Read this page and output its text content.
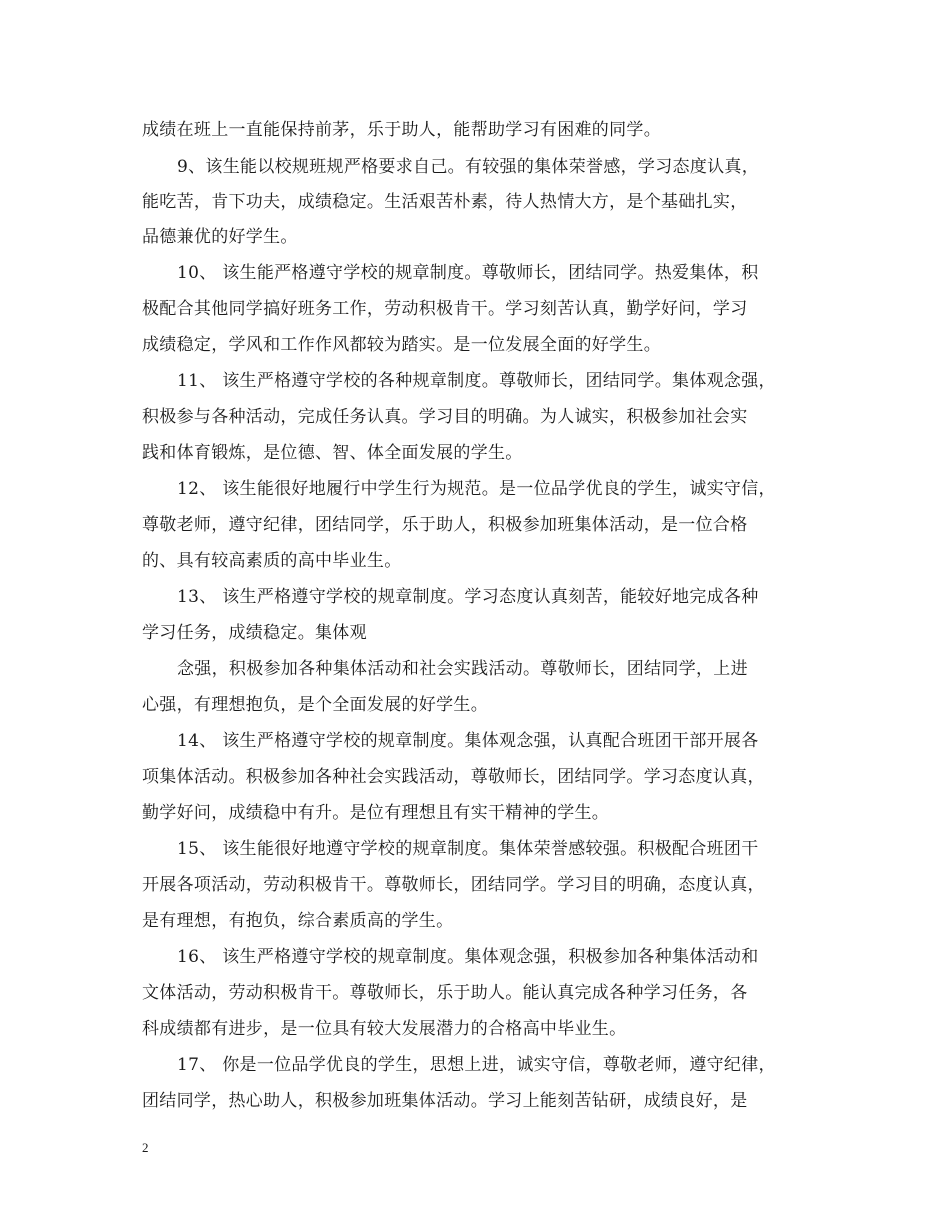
成绩在班上一直能保持前茅，乐于助人，能帮助学习有困难的同学。
9、该生能以校规班规严格要求自己。有较强的集体荣誉感，学习态度认真，
能吃苦，肯下功夫，成绩稳定。生活艰苦朴素，待人热情大方，是个基础扎实，
品德兼优的好学生。
10、 该生能严格遵守学校的规章制度。尊敬师长，团结同学。热爱集体，积
极配合其他同学搞好班务工作，劳动积极肯干。学习刻苦认真，勤学好问，学习
成绩稳定，学风和工作作风都较为踏实。是一位发展全面的好学生。
11、 该生严格遵守学校的各种规章制度。尊敬师长，团结同学。集体观念强，
积极参与各种活动，完成任务认真。学习目的明确。为人诚实，积极参加社会实
践和体育锻炼，是位德、智、体全面发展的学生。
12、 该生能很好地履行中学生行为规范。是一位品学优良的学生，诚实守信，
尊敬老师，遵守纪律，团结同学，乐于助人，积极参加班集体活动，是一位合格
的、具有较高素质的高中毕业生。
13、 该生严格遵守学校的规章制度。学习态度认真刻苦，能较好地完成各种
学习任务，成绩稳定。集体观
念强，积极参加各种集体活动和社会实践活动。尊敬师长，团结同学，上进
心强，有理想抱负，是个全面发展的好学生。
14、 该生严格遵守学校的规章制度。集体观念强，认真配合班团干部开展各
项集体活动。积极参加各种社会实践活动，尊敬师长，团结同学。学习态度认真，
勤学好问，成绩稳中有升。是位有理想且有实干精神的学生。
15、 该生能很好地遵守学校的规章制度。集体荣誉感较强。积极配合班团干
开展各项活动，劳动积极肯干。尊敬师长，团结同学。学习目的明确，态度认真，
是有理想，有抱负，综合素质高的学生。
16、 该生严格遵守学校的规章制度。集体观念强，积极参加各种集体活动和
文体活动，劳动积极肯干。尊敬师长，乐于助人。能认真完成各种学习任务，各
科成绩都有进步，是一位具有较大发展潜力的合格高中毕业生。
17、 你是一位品学优良的学生，思想上进，诚实守信，尊敬老师，遵守纪律，
团结同学，热心助人，积极参加班集体活动。学习上能刻苦钻研，成绩良好，是
2
